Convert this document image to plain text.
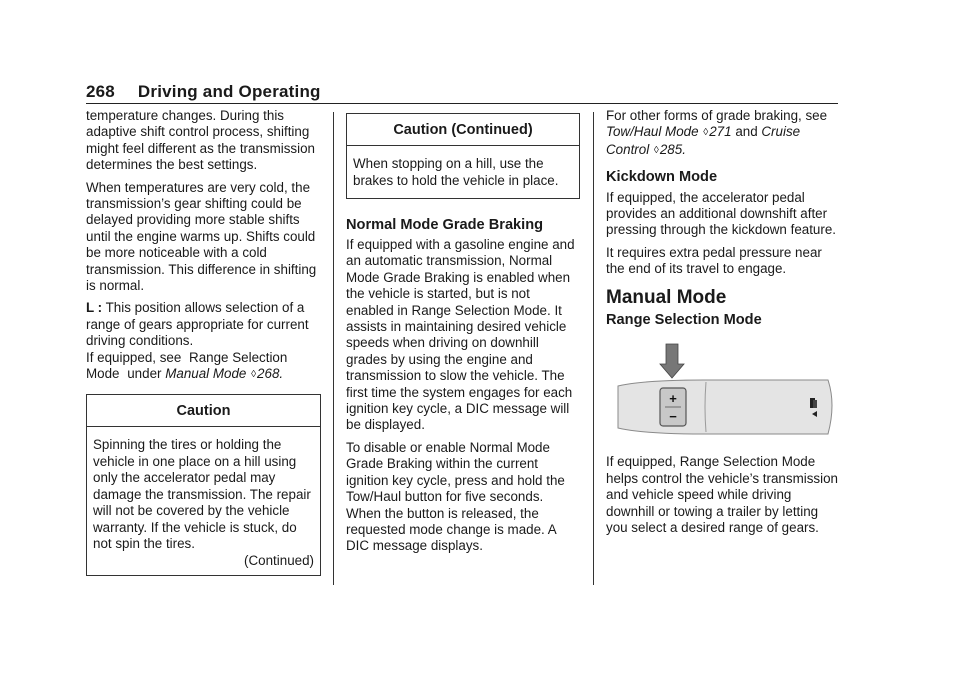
268 Driving and Operating

temperature changes. During this adaptive shift control process, shifting might feel different as the transmission determines the best settings.

When temperatures are very cold, the transmission’s gear shifting could be delayed providing more stable shifts until the engine warms up. Shifts could be more noticeable with a cold transmission. This difference in shifting is normal.

L : This position allows selection of a range of gears appropriate for current driving conditions.

If equipped, see Range Selection Mode under Manual Mode ◊268.

Caution
Spinning the tires or holding the vehicle in one place on a hill using only the accelerator pedal may damage the transmission. The repair will not be covered by the vehicle warranty. If the vehicle is stuck, do not spin the tires.
(Continued)
Caution (Continued)
When stopping on a hill, use the brakes to hold the vehicle in place.
Normal Mode Grade Braking

If equipped with a gasoline engine and an automatic transmission, Normal Mode Grade Braking is enabled when the vehicle is started, but is not enabled in Range Selection Mode. It assists in maintaining desired vehicle speeds when driving on downhill grades by using the engine and transmission to slow the vehicle. The first time the system engages for each ignition key cycle, a DIC message will be displayed.

To disable or enable Normal Mode Grade Braking within the current ignition key cycle, press and hold the Tow/Haul button for five seconds. When the button is released, the requested mode change is made. A DIC message displays.

For other forms of grade braking, see Tow/Haul Mode ◊271 and Cruise Control ◊285.

Kickdown Mode

If equipped, the accelerator pedal provides an additional downshift after pressing through the kickdown feature.

It requires extra pedal pressure near the end of its travel to engage.

Manual Mode
Range Selection Mode
+
−

If equipped, Range Selection Mode helps control the vehicle’s transmission and vehicle speed while driving downhill or towing a trailer by letting you select a desired range of gears.
